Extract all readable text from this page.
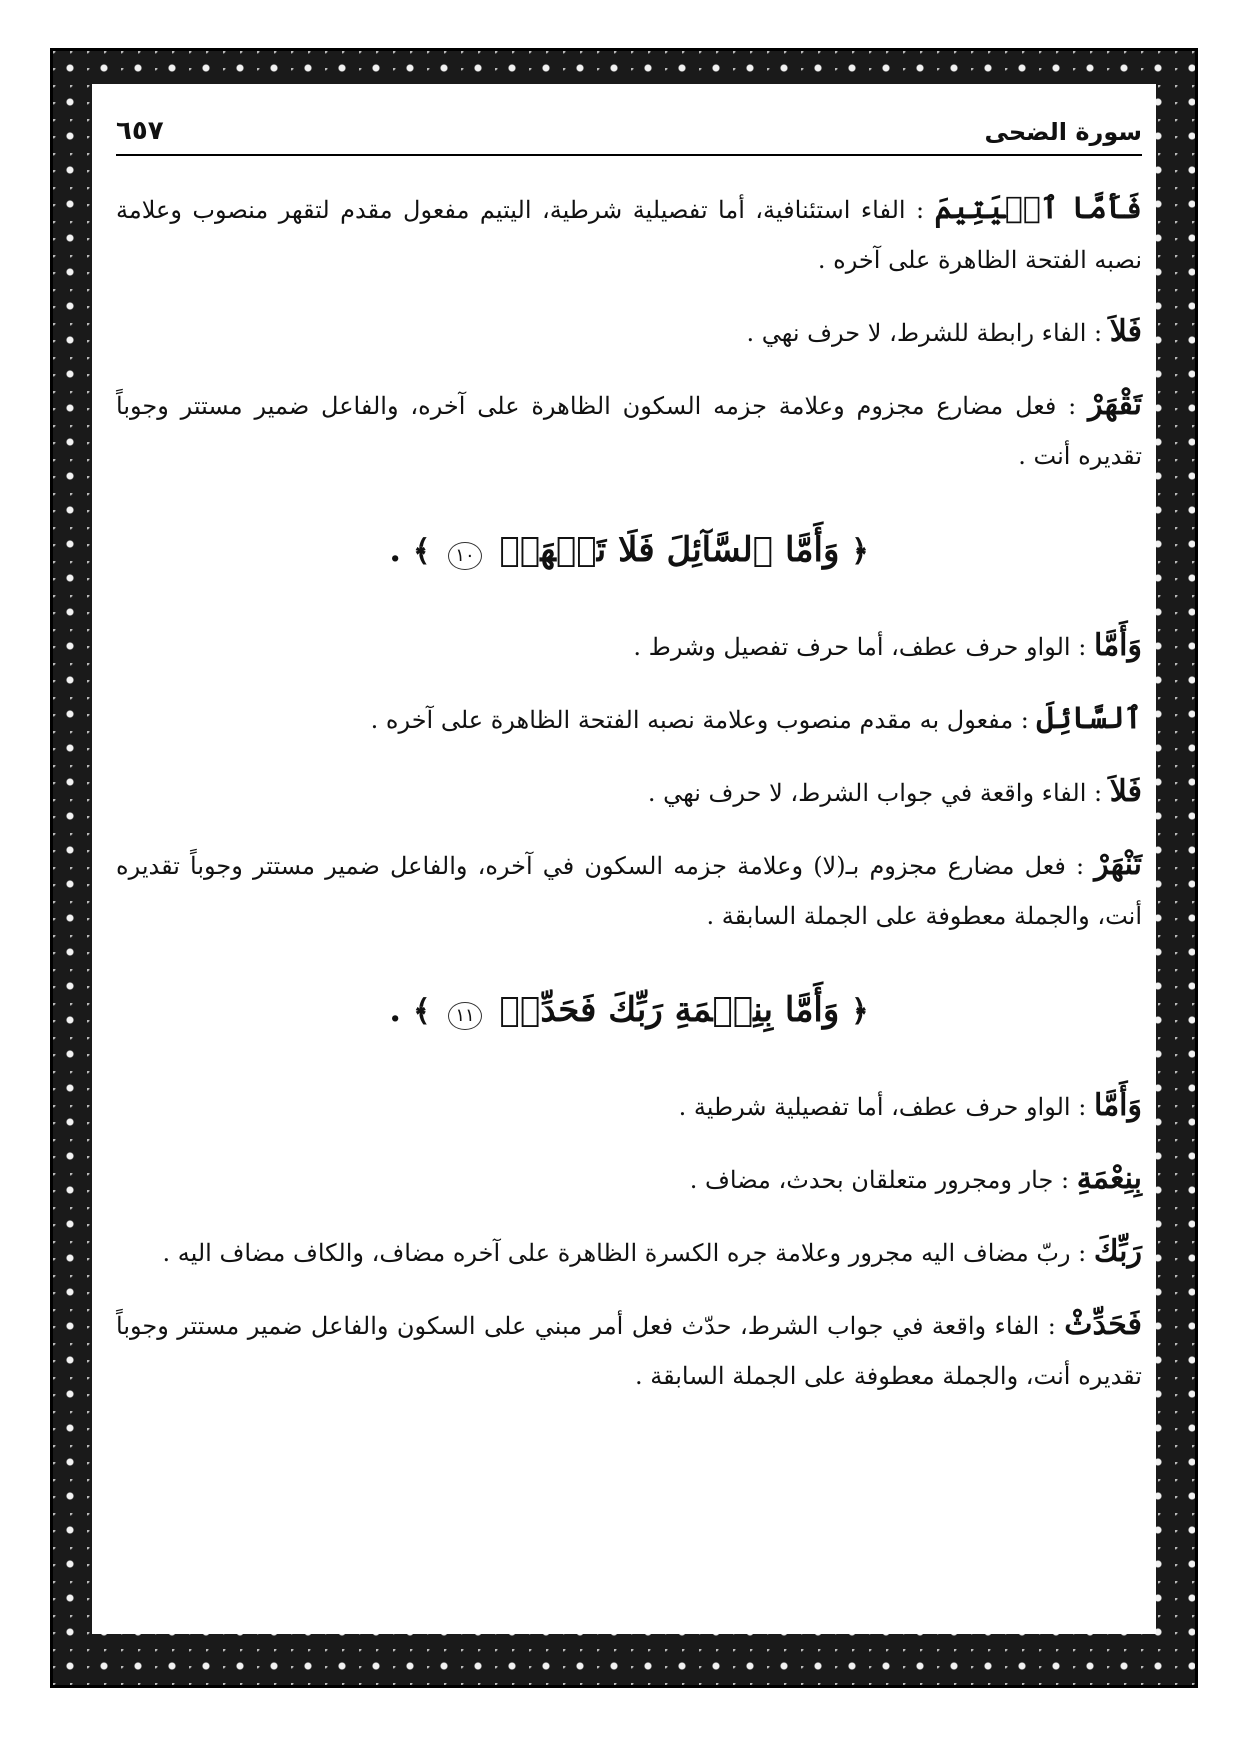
سورة الضحى
٦٥٧

فَأَمَّا ٱلۡيَتِيمَ : الفاء استئنافية، أما تفصيلية شرطية، اليتيم مفعول مقدم لتقهر منصوب وعلامة نصبه الفتحة الظاهرة على آخره .

فَلاَ : الفاء رابطة للشرط، لا حرف نهي .

تَقْهَرْ : فعل مضارع مجزوم وعلامة جزمه السكون الظاهرة على آخره، والفاعل ضمير مستتر وجوباً تقديره أنت .

﴿ وَأَمَّا ٱلسَّآئِلَ فَلَا تَنۡهَرۡ ١٠ ﴾ .

وَأَمَّا : الواو حرف عطف، أما حرف تفصيل وشرط .

ٱلسَّائِلَ : مفعول به مقدم منصوب وعلامة نصبه الفتحة الظاهرة على آخره .

فَلاَ : الفاء واقعة في جواب الشرط، لا حرف نهي .

تَنْهَرْ : فعل مضارع مجزوم بـ(لا) وعلامة جزمه السكون في آخره، والفاعل ضمير مستتر وجوباً تقديره أنت، والجملة معطوفة على الجملة السابقة .

﴿ وَأَمَّا بِنِعۡمَةِ رَبِّكَ فَحَدِّثۡ ١١ ﴾ .

وَأَمَّا : الواو حرف عطف، أما تفصيلية شرطية .

بِنِعْمَةِ : جار ومجرور متعلقان بحدث، مضاف .

رَبِّكَ : ربّ مضاف اليه مجرور وعلامة جره الكسرة الظاهرة على آخره مضاف، والكاف مضاف اليه .

فَحَدِّثْ : الفاء واقعة في جواب الشرط، حدّث فعل أمر مبني على السكون والفاعل ضمير مستتر وجوباً تقديره أنت، والجملة معطوفة على الجملة السابقة .
